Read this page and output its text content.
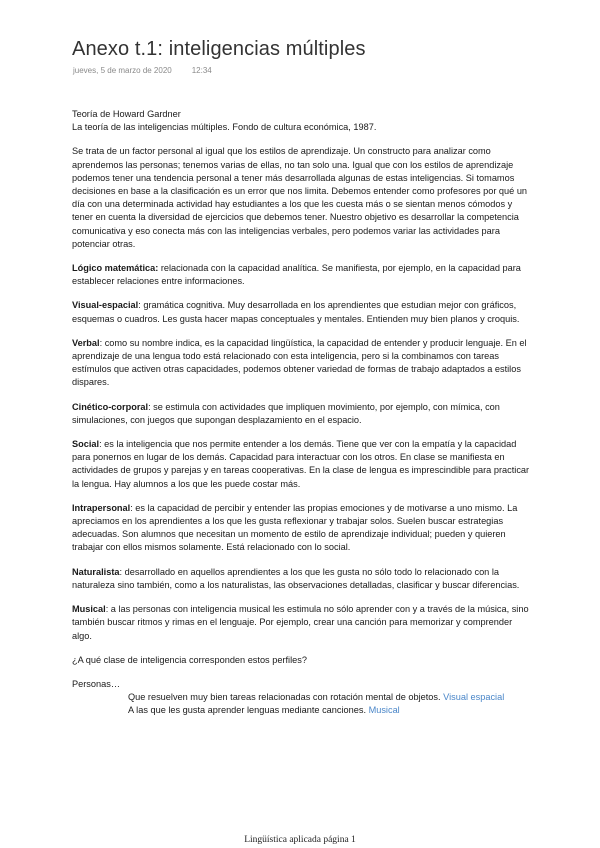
Anexo t.1: inteligencias múltiples
jueves, 5 de marzo de 2020	12:34

Teoría de Howard Gardner

La teoría de las inteligencias múltiples. Fondo de cultura económica, 1987.

Se trata de un factor personal al igual que los estilos de aprendizaje. Un constructo para analizar como aprendemos las personas; tenemos varias de ellas, no tan solo una. Igual que con los estilos de aprendizaje podemos tener una tendencia personal a tener más desarrollada algunas de estas inteligencias. Si tomamos decisiones en base a la clasificación es un error que nos limita. Debemos entender como profesores por qué un día con una determinada actividad hay estudiantes a los que les cuesta más o se sientan menos cómodos y tener en cuenta la diversidad de ejercicios que debemos tener. Nuestro objetivo es desarrollar la competencia comunicativa y eso conecta más con las inteligencias verbales, pero podemos variar las actividades para potenciar otras.

Lógico matemática: relacionada con la capacidad analítica. Se manifiesta, por ejemplo, en la capacidad para establecer relaciones entre informaciones.

Visual-espacial: gramática cognitiva. Muy desarrollada en los aprendientes que estudian mejor con gráficos, esquemas o cuadros. Les gusta hacer mapas conceptuales y mentales. Entienden muy bien planos y croquis.

Verbal: como su nombre indica, es la capacidad lingüística, la capacidad de entender y producir lenguaje. En el aprendizaje de una lengua todo está relacionado con esta inteligencia, pero si la combinamos con tareas estímulos que activen otras capacidades, podemos obtener variedad de formas de trabajo adaptados a estilos dispares.

Cinético-corporal: se estimula con actividades que impliquen movimiento, por ejemplo, con mímica, con simulaciones, con juegos que supongan desplazamiento en el espacio.

Social: es la inteligencia que nos permite entender a los demás. Tiene que ver con la empatía y la capacidad para ponernos en lugar de los demás. Capacidad para interactuar con los otros. En clase se manifiesta en actividades de grupos y parejas y en tareas cooperativas. En la clase de lengua es imprescindible para practicar la lengua. Hay alumnos a los que les puede costar más.

Intrapersonal: es la capacidad de percibir y entender las propias emociones y de motivarse a uno mismo. La apreciamos en los aprendientes a los que les gusta reflexionar y trabajar solos. Suelen buscar estrategias adecuadas. Son alumnos que necesitan un momento de estilo de aprendizaje individual; pueden y quieren trabajar con ellos mismos solamente. Está relacionado con lo social.

Naturalista: desarrollado en aquellos aprendientes a los que les gusta no sólo todo lo relacionado con la naturaleza sino también, como a los naturalistas, las observaciones detalladas, clasificar y buscar diferencias.

Musical: a las personas con inteligencia musical les estimula no sólo aprender con y a través de la música, sino también buscar ritmos y rimas en el lenguaje. Por ejemplo, crear una canción para memorizar y comprender algo.

¿A qué clase de inteligencia corresponden estos perfiles?

Personas…

Que resuelven muy bien tareas relacionadas con rotación mental de objetos. Visual espacial

A las que les gusta aprender lenguas mediante canciones. Musical

Lingüística aplicada página 1
